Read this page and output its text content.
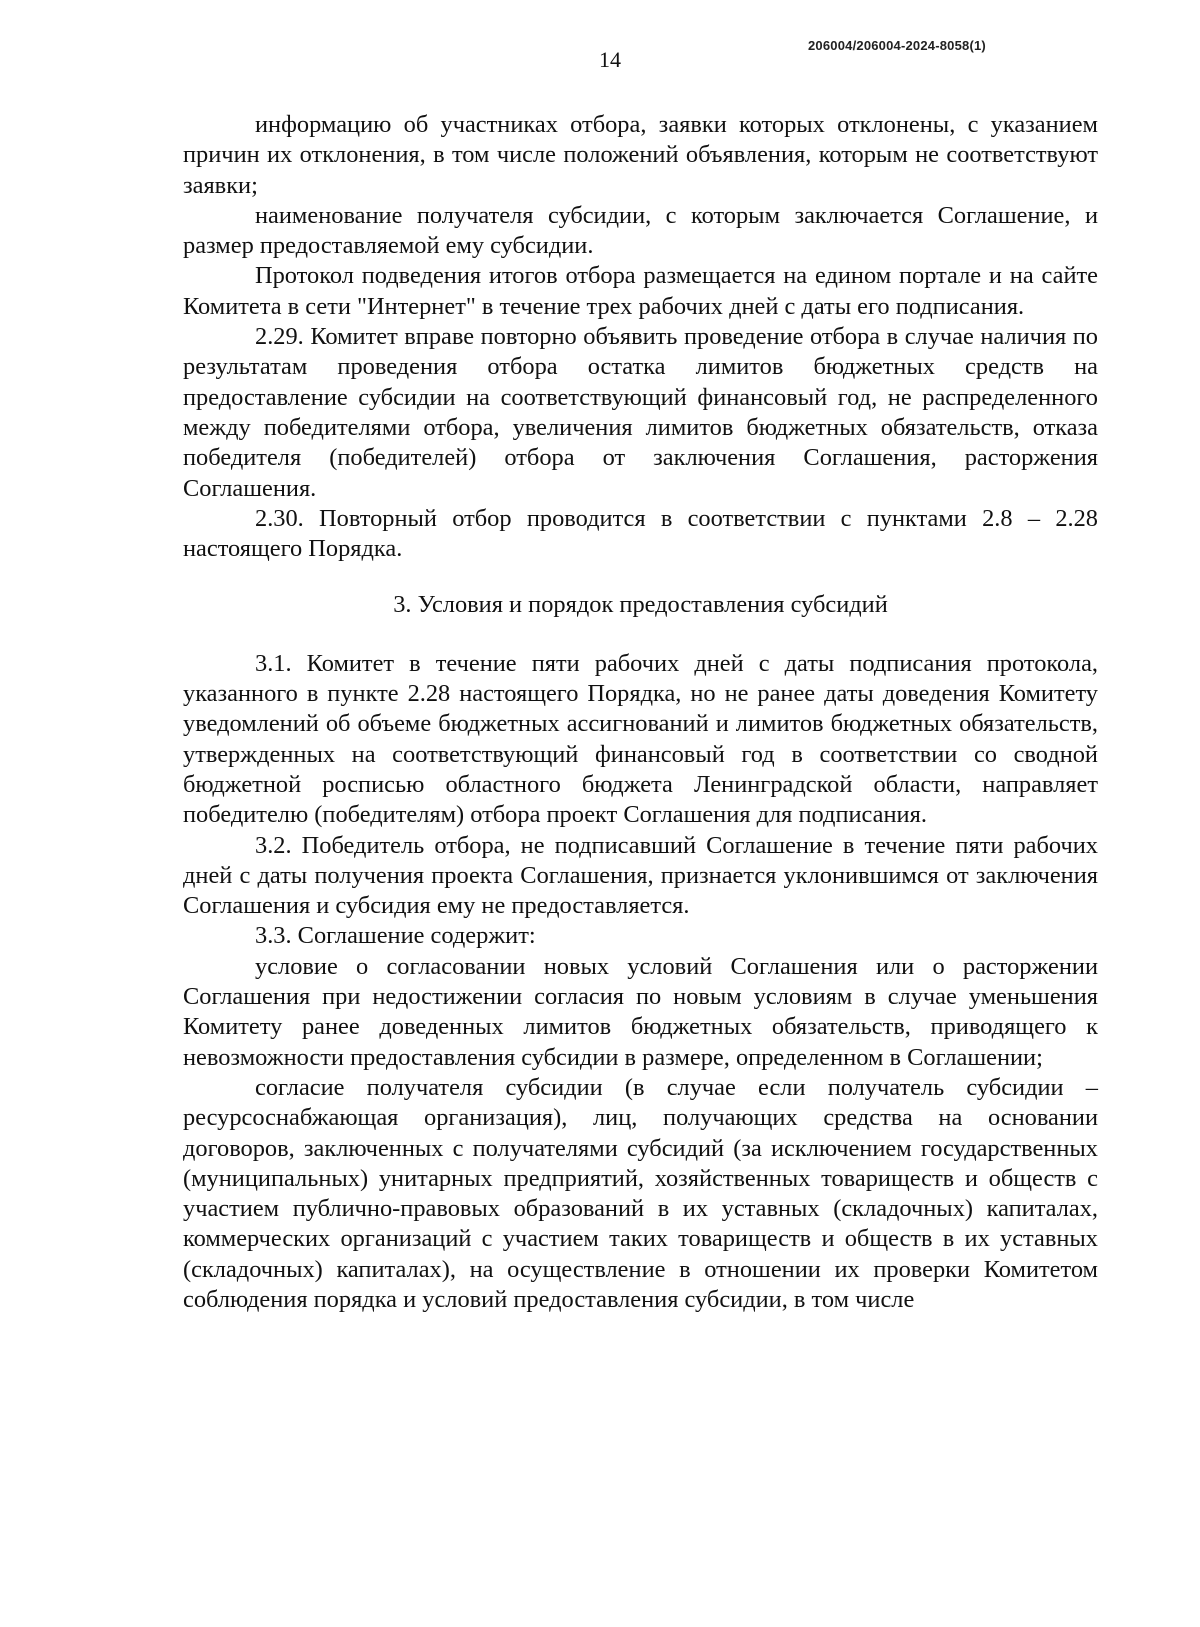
14
206004/206004-2024-8058(1)

информацию об участниках отбора, заявки которых отклонены, с указанием причин их отклонения, в том числе положений объявления, которым не соответствуют заявки;

наименование получателя субсидии, с которым заключается Соглашение, и размер предоставляемой ему субсидии.

Протокол подведения итогов отбора размещается на едином портале и на сайте Комитета в сети "Интернет" в течение трех рабочих дней с даты его подписания.

2.29. Комитет вправе повторно объявить проведение отбора в случае наличия по результатам проведения отбора остатка лимитов бюджетных средств на предоставление субсидии на соответствующий финансовый год, не распределенного между победителями отбора, увеличения лимитов бюджетных обязательств, отказа победителя (победителей) отбора от заключения Соглашения, расторжения Соглашения.

2.30. Повторный отбор проводится в соответствии с пунктами 2.8 – 2.28 настоящего Порядка.

3. Условия и порядок предоставления субсидий

3.1. Комитет в течение пяти рабочих дней с даты подписания протокола, указанного в пункте 2.28 настоящего Порядка, но не ранее даты доведения Комитету уведомлений об объеме бюджетных ассигнований и лимитов бюджетных обязательств, утвержденных на соответствующий финансовый год в соответствии со сводной бюджетной росписью областного бюджета Ленинградской области, направляет победителю (победителям) отбора проект Соглашения для подписания.

3.2. Победитель отбора, не подписавший Соглашение в течение пяти рабочих дней с даты получения проекта Соглашения, признается уклонившимся от заключения Соглашения и субсидия ему не предоставляется.

3.3. Соглашение содержит:

условие о согласовании новых условий Соглашения или о расторжении Соглашения при недостижении согласия по новым условиям в случае уменьшения Комитету ранее доведенных лимитов бюджетных обязательств, приводящего к невозможности предоставления субсидии в размере, определенном в Соглашении;

согласие получателя субсидии (в случае если получатель субсидии – ресурсоснабжающая организация), лиц, получающих средства на основании договоров, заключенных с получателями субсидий (за исключением государственных (муниципальных) унитарных предприятий, хозяйственных товариществ и обществ с участием публично-правовых образований в их уставных (складочных) капиталах, коммерческих организаций с участием таких товариществ и обществ в их уставных (складочных) капиталах), на осуществление в отношении их проверки Комитетом соблюдения порядка и условий предоставления субсидии, в том числе
